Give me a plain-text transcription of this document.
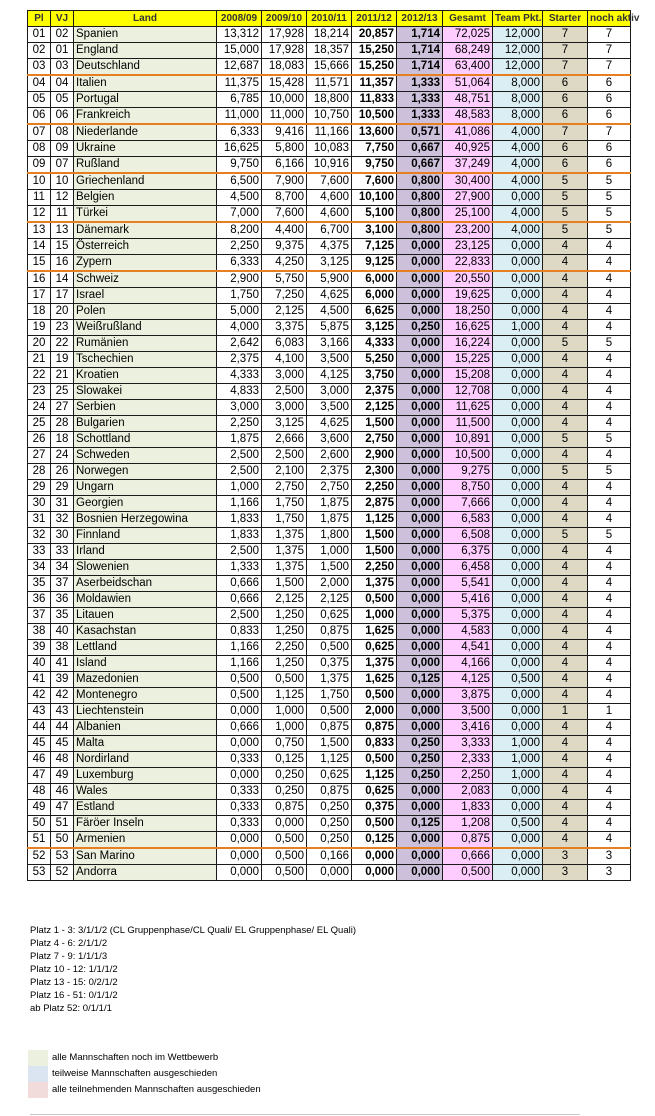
Pl	VJ	Land	2008/09	2009/10	2010/11	2011/12	2012/13	Gesamt	Team Pkt.	Starter	noch aktiv
01	02	Spanien	13,312	17,928	18,214	20,857	1,714	72,025	12,000	7	7
02	01	England	15,000	17,928	18,357	15,250	1,714	68,249	12,000	7	7
03	03	Deutschland	12,687	18,083	15,666	15,250	1,714	63,400	12,000	7	7
04	04	Italien	11,375	15,428	11,571	11,357	1,333	51,064	8,000	6	6
05	05	Portugal	6,785	10,000	18,800	11,833	1,333	48,751	8,000	6	6
06	06	Frankreich	11,000	11,000	10,750	10,500	1,333	48,583	8,000	6	6
07	08	Niederlande	6,333	9,416	11,166	13,600	0,571	41,086	4,000	7	7
08	09	Ukraine	16,625	5,800	10,083	7,750	0,667	40,925	4,000	6	6
09	07	Rußland	9,750	6,166	10,916	9,750	0,667	37,249	4,000	6	6
10	10	Griechenland	6,500	7,900	7,600	7,600	0,800	30,400	4,000	5	5
11	12	Belgien	4,500	8,700	4,600	10,100	0,800	27,900	0,000	5	5
12	11	Türkei	7,000	7,600	4,600	5,100	0,800	25,100	4,000	5	5
13	13	Dänemark	8,200	4,400	6,700	3,100	0,800	23,200	4,000	5	5
14	15	Österreich	2,250	9,375	4,375	7,125	0,000	23,125	0,000	4	4
15	16	Zypern	6,333	4,250	3,125	9,125	0,000	22,833	0,000	4	4
16	14	Schweiz	2,900	5,750	5,900	6,000	0,000	20,550	0,000	4	4
17	17	Israel	1,750	7,250	4,625	6,000	0,000	19,625	0,000	4	4
18	20	Polen	5,000	2,125	4,500	6,625	0,000	18,250	0,000	4	4
19	23	Weißrußland	4,000	3,375	5,875	3,125	0,250	16,625	1,000	4	4
20	22	Rumänien	2,642	6,083	3,166	4,333	0,000	16,224	0,000	5	5
21	19	Tschechien	2,375	4,100	3,500	5,250	0,000	15,225	0,000	4	4
22	21	Kroatien	4,333	3,000	4,125	3,750	0,000	15,208	0,000	4	4
23	25	Slowakei	4,833	2,500	3,000	2,375	0,000	12,708	0,000	4	4
24	27	Serbien	3,000	3,000	3,500	2,125	0,000	11,625	0,000	4	4
25	28	Bulgarien	2,250	3,125	4,625	1,500	0,000	11,500	0,000	4	4
26	18	Schottland	1,875	2,666	3,600	2,750	0,000	10,891	0,000	5	5
27	24	Schweden	2,500	2,500	2,600	2,900	0,000	10,500	0,000	4	4
28	26	Norwegen	2,500	2,100	2,375	2,300	0,000	9,275	0,000	5	5
29	29	Ungarn	1,000	2,750	2,750	2,250	0,000	8,750	0,000	4	4
30	31	Georgien	1,166	1,750	1,875	2,875	0,000	7,666	0,000	4	4
31	32	Bosnien Herzegowina	1,833	1,750	1,875	1,125	0,000	6,583	0,000	4	4
32	30	Finnland	1,833	1,375	1,800	1,500	0,000	6,508	0,000	5	5
33	33	Irland	2,500	1,375	1,000	1,500	0,000	6,375	0,000	4	4
34	34	Slowenien	1,333	1,375	1,500	2,250	0,000	6,458	0,000	4	4
35	37	Aserbeidschan	0,666	1,500	2,000	1,375	0,000	5,541	0,000	4	4
36	36	Moldawien	0,666	2,125	2,125	0,500	0,000	5,416	0,000	4	4
37	35	Litauen	2,500	1,250	0,625	1,000	0,000	5,375	0,000	4	4
38	40	Kasachstan	0,833	1,250	0,875	1,625	0,000	4,583	0,000	4	4
39	38	Lettland	1,166	2,250	0,500	0,625	0,000	4,541	0,000	4	4
40	41	Island	1,166	1,250	0,375	1,375	0,000	4,166	0,000	4	4
41	39	Mazedonien	0,500	0,500	1,375	1,625	0,125	4,125	0,500	4	4
42	42	Montenegro	0,500	1,125	1,750	0,500	0,000	3,875	0,000	4	4
43	43	Liechtenstein	0,000	1,000	0,500	2,000	0,000	3,500	0,000	1	1
44	44	Albanien	0,666	1,000	0,875	0,875	0,000	3,416	0,000	4	4
45	45	Malta	0,000	0,750	1,500	0,833	0,250	3,333	1,000	4	4
46	48	Nordirland	0,333	0,125	1,125	0,500	0,250	2,333	1,000	4	4
47	49	Luxemburg	0,000	0,250	0,625	1,125	0,250	2,250	1,000	4	4
48	46	Wales	0,333	0,250	0,875	0,625	0,000	2,083	0,000	4	4
49	47	Estland	0,333	0,875	0,250	0,375	0,000	1,833	0,000	4	4
50	51	Färöer Inseln	0,333	0,000	0,250	0,500	0,125	1,208	0,500	4	4
51	50	Armenien	0,000	0,500	0,250	0,125	0,000	0,875	0,000	4	4
52	53	San Marino	0,000	0,500	0,166	0,000	0,000	0,666	0,000	3	3
53	52	Andorra	0,000	0,500	0,000	0,000	0,000	0,500	0,000	3	3
Platz 1 - 3: 3/1/1/2 (CL Gruppenphase/CL Quali/ EL Gruppenphase/ EL Quali)
Platz 4 - 6: 2/1/1/2
Platz 7 - 9: 1/1/1/3
Platz 10 - 12: 1/1/1/2
Platz 13 - 15: 0/2/1/2
Platz 16 - 51: 0/1/1/2
ab Platz 52: 0/1/1/1
alle Mannschaften noch im Wettbewerb
teilweise Mannschaften ausgeschieden
alle teilnehmenden Mannschaften ausgeschieden
